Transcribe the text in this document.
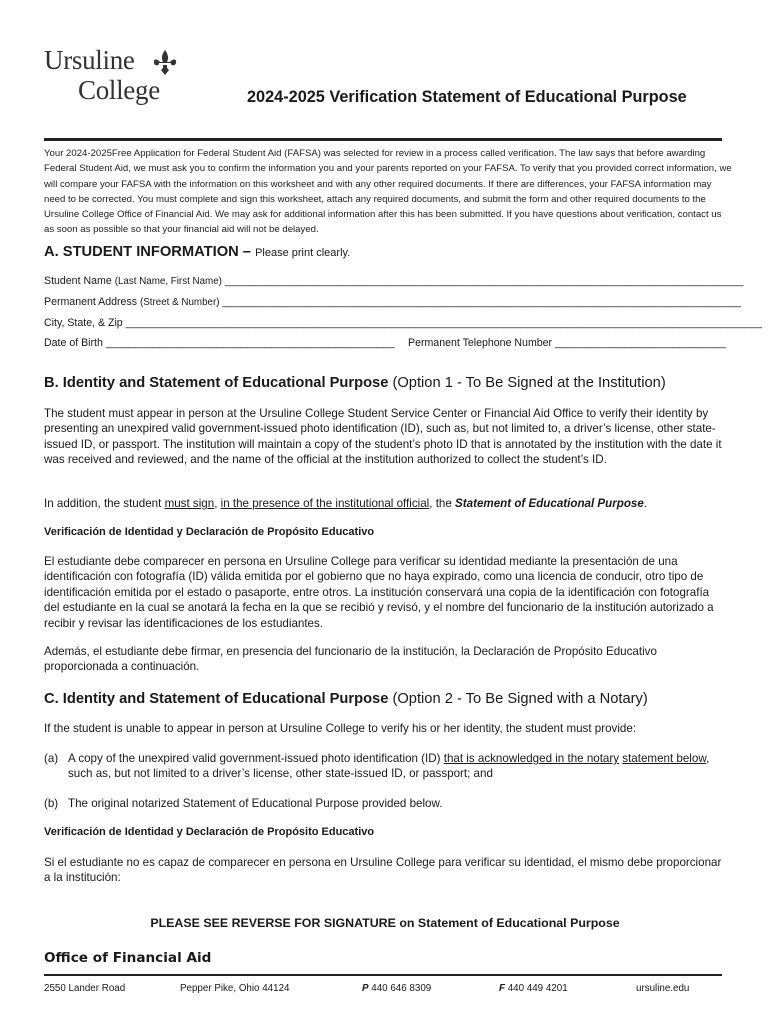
Ursuline
College	2024-2025 Verification Statement of Educational Purpose
Your 2024-2025Free Application for Federal Student Aid (FAFSA) was selected for review in a process called verification. The law says that before awarding Federal Student Aid, we must ask you to confirm the information you and your parents reported on your FAFSA. To verify that you provided correct information, we will compare your FAFSA with the information on this worksheet and with any other required documents. If there are differences, your FAFSA information may need to be corrected. You must complete and sign this worksheet, attach any required documents, and submit the form and other required documents to the Ursuline College Office of Financial Aid. We may ask for additional information after this has been submitted. If you have questions about verification, contact us as soon as possible so that your financial aid will not be delayed.
A. STUDENT INFORMATION – Please print clearly.
Student Name (Last Name, First Name) ________________________________________________________________________________________
Permanent Address (Street & Number) ________________________________________________________________________________________
City, State, & Zip ____________________________________________________________________________________________________________
Date of Birth _________________________________________________ Permanent Telephone Number _____________________________
B. Identity and Statement of Educational Purpose (Option 1 - To Be Signed at the Institution)
The student must appear in person at the Ursuline College Student Service Center or Financial Aid Office to verify their identity by presenting an unexpired valid government-issued photo identification (ID), such as, but not limited to, a driver’s license, other state-issued ID, or passport. The institution will maintain a copy of the student’s photo ID that is annotated by the institution with the date it was received and reviewed, and the name of the official at the institution authorized to collect the student’s ID.
In addition, the student must sign, in the presence of the institutional official, the Statement of Educational Purpose.
Verificación de Identidad y Declaración de Propósito Educativo
El estudiante debe comparecer en persona en Ursuline College para verificar su identidad mediante la presentación de una identificación con fotografía (ID) válida emitida por el gobierno que no haya expirado, como una licencia de conducir, otro tipo de identificación emitida por el estado o pasaporte, entre otros. La institución conservará una copia de la identificación con fotografía del estudiante en la cual se anotará la fecha en la que se recibió y revisó, y el nombre del funcionario de la institución autorizado a recibir y revisar las identificaciones de los estudiantes.
Además, el estudiante debe firmar, en presencia del funcionario de la institución, la Declaración de Propósito Educativo proporcionada a continuación.
C. Identity and Statement of Educational Purpose (Option 2 - To Be Signed with a Notary)
If the student is unable to appear in person at Ursuline College to verify his or her identity, the student must provide:
(a) A copy of the unexpired valid government-issued photo identification (ID) that is acknowledged in the notary statement below, such as, but not limited to a driver’s license, other state-issued ID, or passport; and
(b) The original notarized Statement of Educational Purpose provided below.
Verificación de Identidad y Declaración de Propósito Educativo
Si el estudiante no es capaz de comparecer en persona en Ursuline College para verificar su identidad, el mismo debe proporcionar a la institución:
PLEASE SEE REVERSE FOR SIGNATURE on Statement of Educational Purpose
Office of Financial Aid
2550 Lander Road	Pepper Pike, Ohio 44124	P 440 646 8309	F 440 449 4201	ursuline.edu
